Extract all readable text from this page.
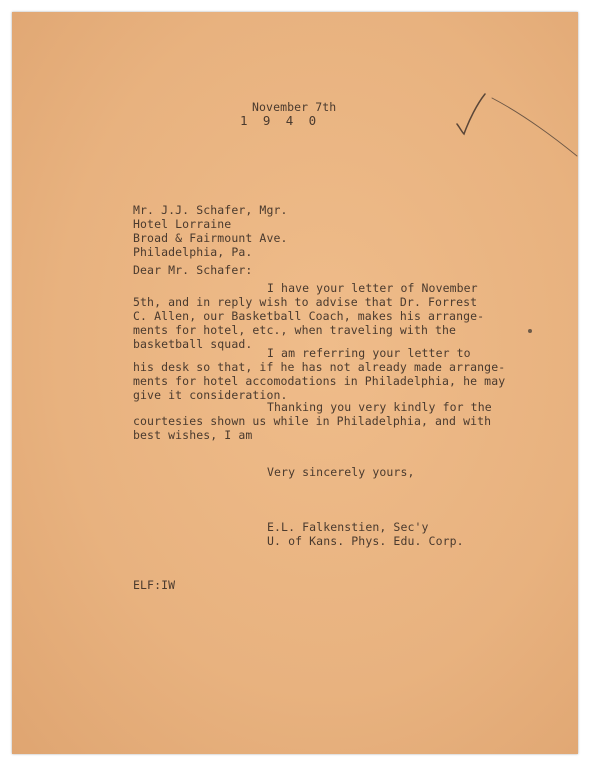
November 7th
1  9  4  0
Mr. J.J. Schafer, Mgr.
Hotel Lorraine
Broad & Fairmount Ave.
Philadelphia, Pa.
Dear Mr. Schafer:
I have your letter of November
5th, and in reply wish to advise that Dr. Forrest
C. Allen, our Basketball Coach, makes his arrange-
ments for hotel, etc., when traveling with the
basketball squad.
I am referring your letter to
his desk so that, if he has not already made arrange-
ments for hotel accomodations in Philadelphia, he may
give it consideration.
Thanking you very kindly for the
courtesies shown us while in Philadelphia, and with
best wishes, I am
Very sincerely yours,
E.L. Falkenstien, Sec'y
U. of Kans. Phys. Edu. Corp.
ELF:IW
